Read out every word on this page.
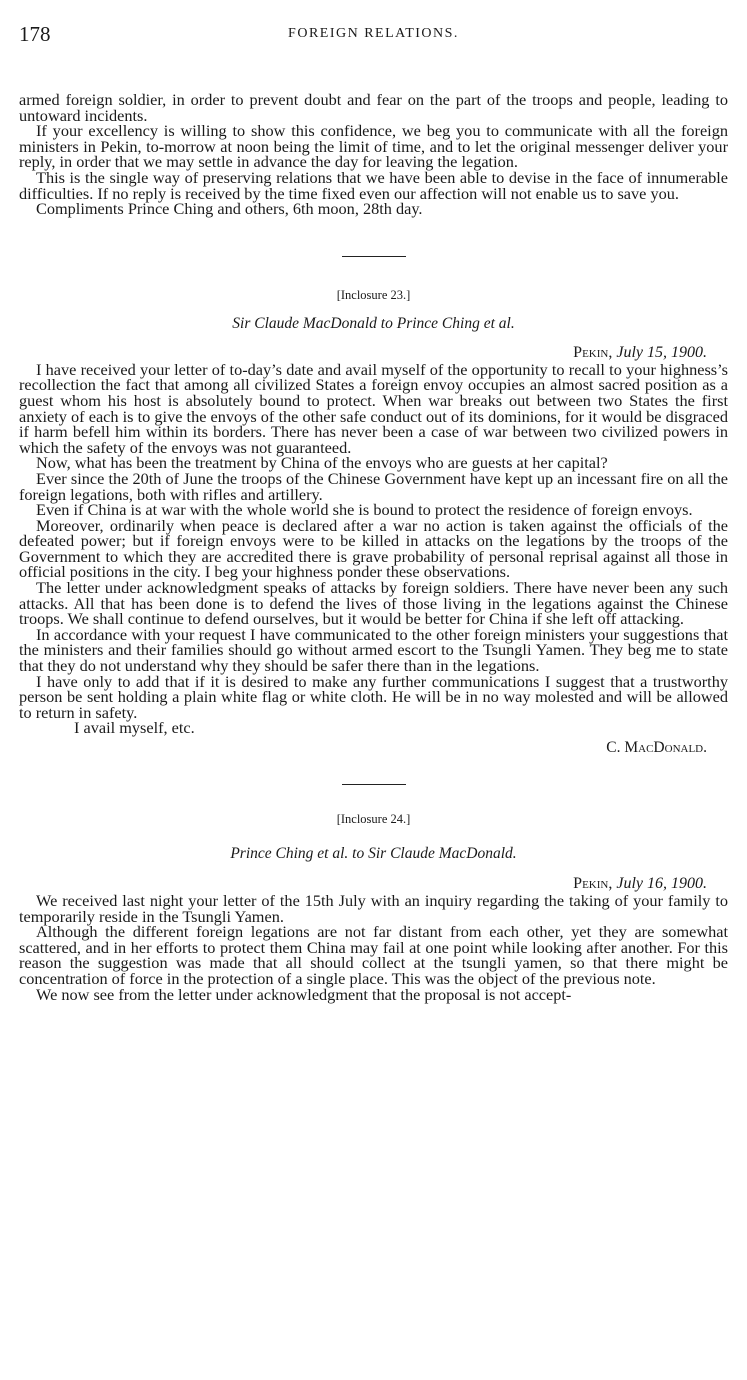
178	FOREIGN RELATIONS.

armed foreign soldier, in order to prevent doubt and fear on the part of the troops and people, leading to untoward incidents.

If your excellency is willing to show this confidence, we beg you to communicate with all the foreign ministers in Pekin, to-morrow at noon being the limit of time, and to let the original messenger deliver your reply, in order that we may settle in advance the day for leaving the legation.

This is the single way of preserving relations that we have been able to devise in the face of innumerable difficulties. If no reply is received by the time fixed even our affection will not enable us to save you.

Compliments Prince Ching and others, 6th moon, 28th day.

[Inclosure 23.]
Sir Claude MacDonald to Prince Ching et al.
Pekin, July 15, 1900.

I have received your letter of to-day’s date and avail myself of the opportunity to recall to your highness’s recollection the fact that among all civilized States a foreign envoy occupies an almost sacred position as a guest whom his host is absolutely bound to protect. When war breaks out between two States the first anxiety of each is to give the envoys of the other safe conduct out of its dominions, for it would be disgraced if harm befell him within its borders. There has never been a case of war between two civilized powers in which the safety of the envoys was not guaranteed.

Now, what has been the treatment by China of the envoys who are guests at her capital?

Ever since the 20th of June the troops of the Chinese Government have kept up an incessant fire on all the foreign legations, both with rifles and artillery.

Even if China is at war with the whole world she is bound to protect the residence of foreign envoys.

Moreover, ordinarily when peace is declared after a war no action is taken against the officials of the defeated power; but if foreign envoys were to be killed in attacks on the legations by the troops of the Government to which they are accredited there is grave probability of personal reprisal against all those in official positions in the city. I beg your highness ponder these observations.

The letter under acknowledgment speaks of attacks by foreign soldiers. There have never been any such attacks. All that has been done is to defend the lives of those living in the legations against the Chinese troops. We shall continue to defend ourselves, but it would be better for China if she left off attacking.

In accordance with your request I have communicated to the other foreign ministers your suggestions that the ministers and their families should go without armed escort to the Tsungli Yamen. They beg me to state that they do not understand why they should be safer there than in the legations.

I have only to add that if it is desired to make any further communications I suggest that a trustworthy person be sent holding a plain white flag or white cloth. He will be in no way molested and will be allowed to return in safety.

I avail myself, etc.
C. MacDonald.
[Inclosure 24.]
Prince Ching et al. to Sir Claude MacDonald.
Pekin, July 16, 1900.

We received last night your letter of the 15th July with an inquiry regarding the taking of your family to temporarily reside in the Tsungli Yamen.

Although the different foreign legations are not far distant from each other, yet they are somewhat scattered, and in her efforts to protect them China may fail at one point while looking after another. For this reason the suggestion was made that all should collect at the tsungli yamen, so that there might be concentration of force in the protection of a single place. This was the object of the previous note.

We now see from the letter under acknowledgment that the proposal is not accept-
